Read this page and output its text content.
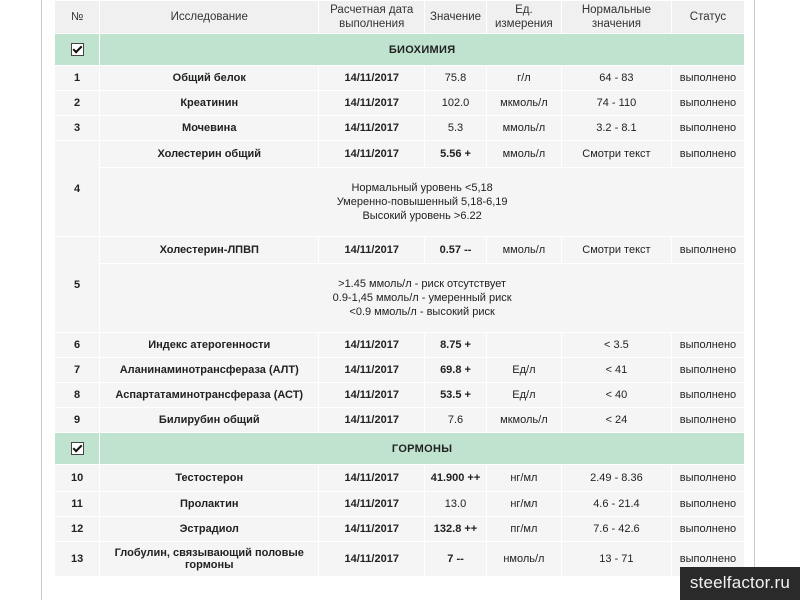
№	Исследование	Расчетная дата выполнения	Значение	Ед. измерения	Нормальные значения	Статус
	БИОХИМИЯ					
1	Общий белок	14/11/2017	75.8	г/л	64 - 83	выполнено
2	Креатинин	14/11/2017	102.0	мкмоль/л	74 - 110	выполнено
3	Мочевина	14/11/2017	5.3	ммоль/л	3.2 - 8.1	выполнено
4	Холестерин общий	14/11/2017	5.56 +	ммоль/л	Смотри текст	выполнено

	Нормальный уровень <5,18
Умеренно-повышенный 5,18-6,19
Высокий уровень >6.22					

5	Холестерин-ЛПВП	14/11/2017	0.57 --	ммоль/л	Смотри текст	выполнено

	>1.45 ммоль/л - риск отсутствует
0.9-1,45 ммоль/л - умеренный риск
<0.9 ммоль/л - высокий риск					

6	Индекс атерогенности	14/11/2017	8.75 +		< 3.5	выполнено
7	Аланинаминотрансфераза (АЛТ)	14/11/2017	69.8 +	Ед/л	< 41	выполнено
8	Аспартатаминотрансфераза (АСТ)	14/11/2017	53.5 +	Ед/л	< 40	выполнено
9	Билирубин общий	14/11/2017	7.6	мкмоль/л	< 24	выполнено
	ГОРМОНЫ					
10	Тестостерон	14/11/2017	41.900 ++	нг/мл	2.49 - 8.36	выполнено
11	Пролактин	14/11/2017	13.0	нг/мл	4.6 - 21.4	выполнено
12	Эстрадиол	14/11/2017	132.8 ++	пг/мл	7.6 - 42.6	выполнено
13	Глобулин, связывающий половые гормоны	14/11/2017	7 --	нмоль/л	13 - 71	выполнено
steelfactor.ru
